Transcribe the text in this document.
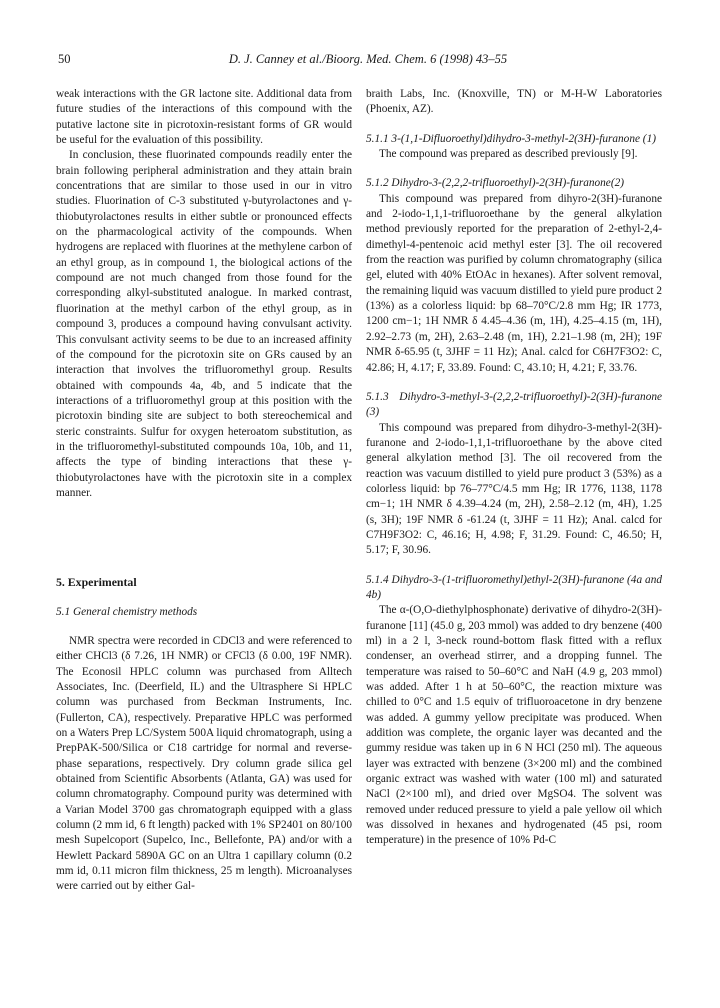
50	D. J. Canney et al./Bioorg. Med. Chem. 6 (1998) 43–55

weak interactions with the GR lactone site. Additional data from future studies of the interactions of this compound with the putative lactone site in picrotoxin-resistant forms of GR would be useful for the evaluation of this possibility.

In conclusion, these fluorinated compounds readily enter the brain following peripheral administration and they attain brain concentrations that are similar to those used in our in vitro studies. Fluorination of C-3 substituted γ-butyrolactones and γ-thiobutyrolactones results in either subtle or pronounced effects on the pharmacological activity of the compounds. When hydrogens are replaced with fluorines at the methylene carbon of an ethyl group, as in compound 1, the biological actions of the compound are not much changed from those found for the corresponding alkyl-substituted analogue. In marked contrast, fluorination at the methyl carbon of the ethyl group, as in compound 3, produces a compound having convulsant activity. This convulsant activity seems to be due to an increased affinity of the compound for the picrotoxin site on GRs caused by an interaction that involves the trifluoromethyl group. Results obtained with compounds 4a, 4b, and 5 indicate that the interactions of a trifluoromethyl group at this position with the picrotoxin binding site are subject to both stereochemical and steric constraints. Sulfur for oxygen heteroatom substitution, as in the trifluoromethyl-substituted compounds 10a, 10b, and 11, affects the type of binding interactions that these γ-thiobutyrolactones have with the picrotoxin site in a complex manner.

5. Experimental

5.1 General chemistry methods

NMR spectra were recorded in CDCl3 and were referenced to either CHCl3 (δ 7.26, 1H NMR) or CFCl3 (δ 0.00, 19F NMR). The Econosil HPLC column was purchased from Alltech Associates, Inc. (Deerfield, IL) and the Ultrasphere Si HPLC column was purchased from Beckman Instruments, Inc. (Fullerton, CA), respectively. Preparative HPLC was performed on a Waters Prep LC/System 500A liquid chromatograph, using a PrepPAK-500/Silica or C18 cartridge for normal and reverse-phase separations, respectively. Dry column grade silica gel obtained from Scientific Absorbents (Atlanta, GA) was used for column chromatography. Compound purity was determined with a Varian Model 3700 gas chromatograph equipped with a glass column (2 mm id, 6 ft length) packed with 1% SP2401 on 80/100 mesh Supelcoport (Supelco, Inc., Bellefonte, PA) and/or with a Hewlett Packard 5890A GC on an Ultra 1 capillary column (0.2 mm id, 0.11 micron film thickness, 25 m length). Microanalyses were carried out by either Gal-

braith Labs, Inc. (Knoxville, TN) or M-H-W Laboratories (Phoenix, AZ).

5.1.1 3-(1,1-Difluoroethyl)dihydro-3-methyl-2(3H)-furanone (1)

The compound was prepared as described previously [9].

5.1.2 Dihydro-3-(2,2,2-trifluoroethyl)-2(3H)-furanone(2)

This compound was prepared from dihyro-2(3H)-furanone and 2-iodo-1,1,1-trifluoroethane by the general alkylation method previously reported for the preparation of 2-ethyl-2,4-dimethyl-4-pentenoic acid methyl ester [3]. The oil recovered from the reaction was purified by column chromatography (silica gel, eluted with 40% EtOAc in hexanes). After solvent removal, the remaining liquid was vacuum distilled to yield pure product 2 (13%) as a colorless liquid: bp 68–70°C/2.8 mm Hg; IR 1773, 1200 cm−1; 1H NMR δ 4.45–4.36 (m, 1H), 4.25–4.15 (m, 1H), 2.92–2.73 (m, 2H), 2.63–2.48 (m, 1H), 2.21–1.98 (m, 2H); 19F NMR δ-65.95 (t, 3JHF = 11 Hz); Anal. calcd for C6H7F3O2: C, 42.86; H, 4.17; F, 33.89. Found: C, 43.10; H, 4.21; F, 33.76.

5.1.3 Dihydro-3-methyl-3-(2,2,2-trifluoroethyl)-2(3H)-furanone (3)

This compound was prepared from dihydro-3-methyl-2(3H)-furanone and 2-iodo-1,1,1-trifluoroethane by the above cited general alkylation method [3]. The oil recovered from the reaction was vacuum distilled to yield pure product 3 (53%) as a colorless liquid: bp 76–77°C/4.5 mm Hg; IR 1776, 1138, 1178 cm−1; 1H NMR δ 4.39–4.24 (m, 2H), 2.58–2.12 (m, 4H), 1.25 (s, 3H); 19F NMR δ -61.24 (t, 3JHF = 11 Hz); Anal. calcd for C7H9F3O2: C, 46.16; H, 4.98; F, 31.29. Found: C, 46.50; H, 5.17; F, 30.96.

5.1.4 Dihydro-3-(1-trifluoromethyl)ethyl-2(3H)-furanone (4a and 4b)

The α-(O,O-diethylphosphonate) derivative of dihydro-2(3H)-furanone [11] (45.0 g, 203 mmol) was added to dry benzene (400 ml) in a 2 l, 3-neck round-bottom flask fitted with a reflux condenser, an overhead stirrer, and a dropping funnel. The temperature was raised to 50–60°C and NaH (4.9 g, 203 mmol) was added. After 1 h at 50–60°C, the reaction mixture was chilled to 0°C and 1.5 equiv of trifluoroacetone in dry benzene was added. A gummy yellow precipitate was produced. When addition was complete, the organic layer was decanted and the gummy residue was taken up in 6 N HCl (250 ml). The aqueous layer was extracted with benzene (3×200 ml) and the combined organic extract was washed with water (100 ml) and saturated NaCl (2×100 ml), and dried over MgSO4. The solvent was removed under reduced pressure to yield a pale yellow oil which was dissolved in hexanes and hydrogenated (45 psi, room temperature) in the presence of 10% Pd-C
